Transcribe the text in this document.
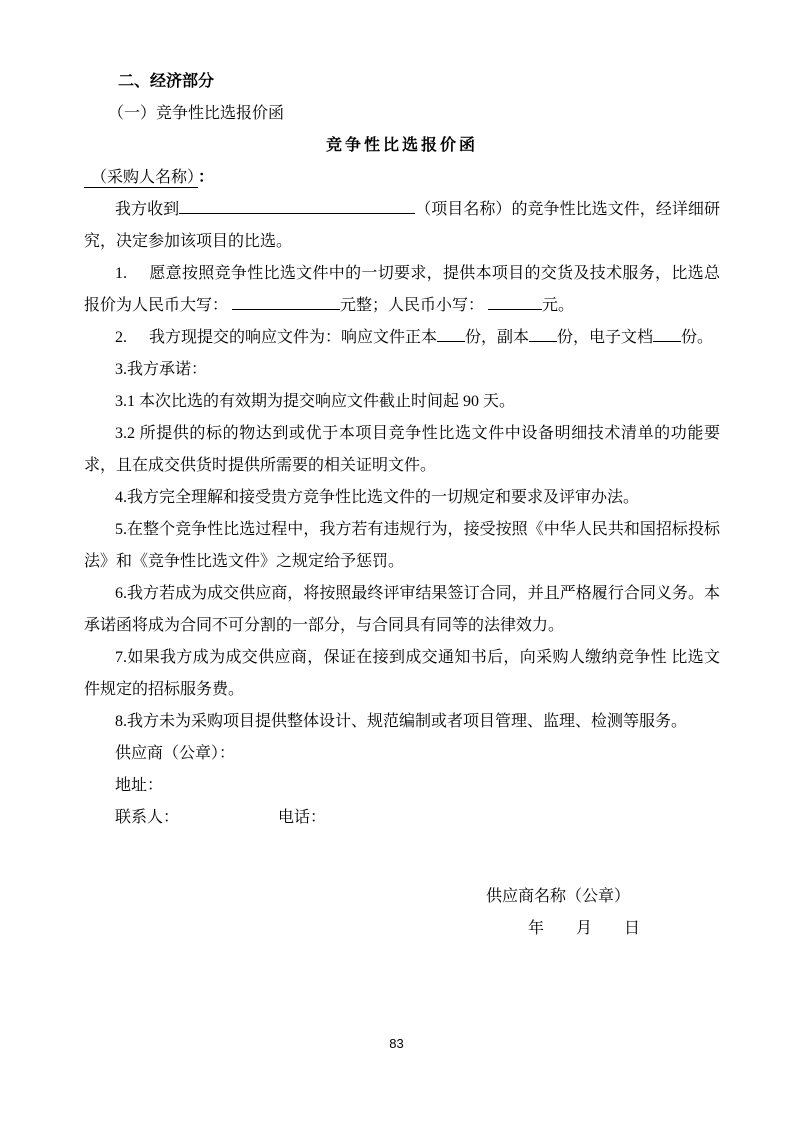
二、经济部分

（一）竞争性比选报价函

竞争性比选报价函

（采购人名称） ：

我方收到	（项目名称）的竞争性比选文件，经详细研究，决定参加该项目的比选。

1. 愿意按照竞争性比选文件中的一切要求，提供本项目的交货及技术服务，比选总报价为人民币大写：	元整；人民币小写：	元。

2. 我方现提交的响应文件为：响应文件正本 份，副本 份，电子文档 份。

3.我方承诺：

3.1 本次比选的有效期为提交响应文件截止时间起 90 天。

3.2 所提供的标的物达到或优于本项目竞争性比选文件中设备明细技术清单的功能要求，且在成交供货时提供所需要的相关证明文件。

4.我方完全理解和接受贵方竞争性比选文件的一切规定和要求及评审办法。

5.在整个竞争性比选过程中，我方若有违规行为，接受按照《中华人民共和国招标投标法》和《竞争性比选文件》之规定给予惩罚。

6.我方若成为成交供应商，将按照最终评审结果签订合同，并且严格履行合同义务。本承诺函将成为合同不可分割的一部分，与合同具有同等的法律效力。

7.如果我方成为成交供应商，保证在接到成交通知书后，向采购人缴纳竞争性 比选文件规定的招标服务费。

8.我方未为采购项目提供整体设计、规范编制或者项目管理、监理、检测等服务。

供应商（公章）：

地址：

联系人：	电话：

供应商名称（公章）

年　　月　　日

83
